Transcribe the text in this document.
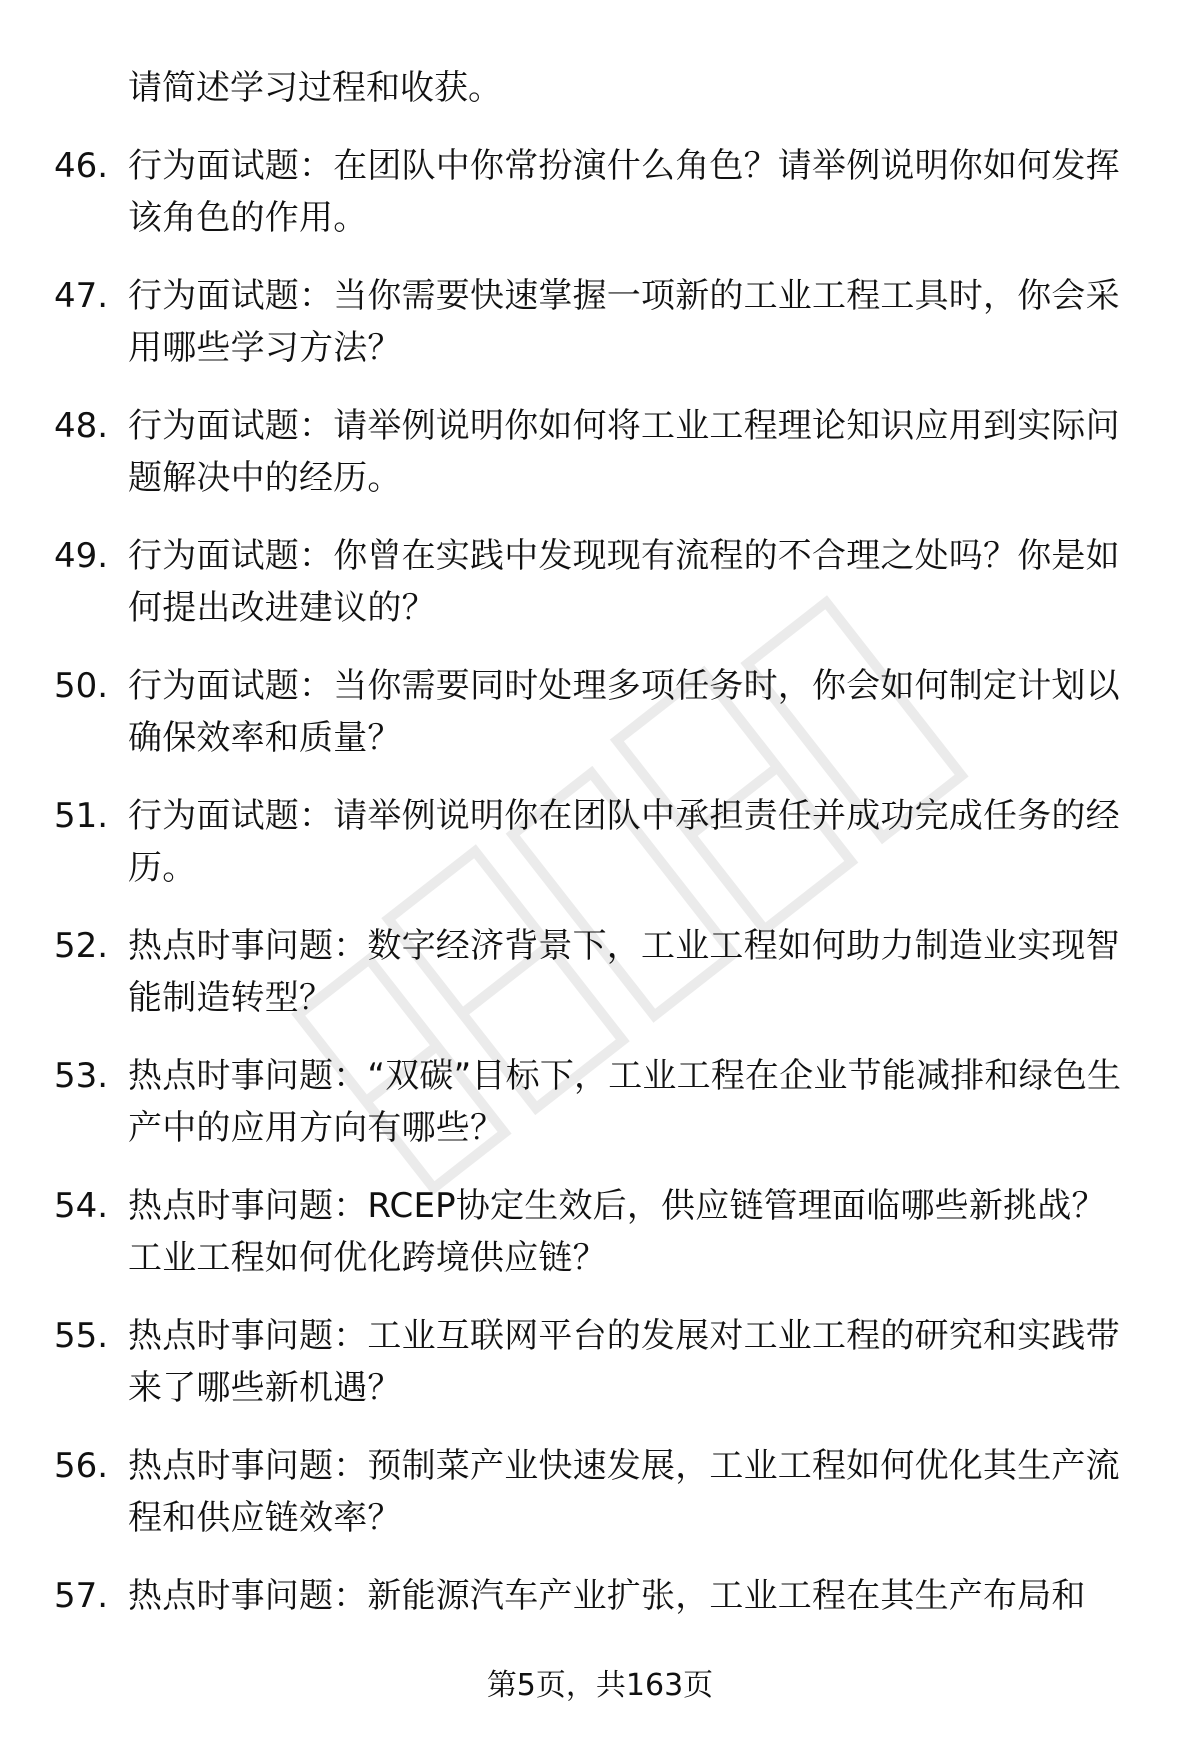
请简述学习过程和收获。

46. 行为面试题：在团队中你常扮演什么角色？请举例说明你如何发挥该角色的作用。
47. 行为面试题：当你需要快速掌握一项新的工业工程工具时，你会采用哪些学习方法？
48. 行为面试题：请举例说明你如何将工业工程理论知识应用到实际问题解决中的经历。
49. 行为面试题：你曾在实践中发现现有流程的不合理之处吗？你是如何提出改进建议的？
50. 行为面试题：当你需要同时处理多项任务时，你会如何制定计划以确保效率和质量？
51. 行为面试题：请举例说明你在团队中承担责任并成功完成任务的经历。
52. 热点时事问题：数字经济背景下，工业工程如何助力制造业实现智能制造转型？
53. 热点时事问题：“双碳”目标下，工业工程在企业节能减排和绿色生产中的应用方向有哪些？
54. 热点时事问题：RCEP协定生效后，供应链管理面临哪些新挑战？工业工程如何优化跨境供应链？
55. 热点时事问题：工业互联网平台的发展对工业工程的研究和实践带来了哪些新机遇？
56. 热点时事问题：预制菜产业快速发展，工业工程如何优化其生产流程和供应链效率？
57. 热点时事问题：新能源汽车产业扩张，工业工程在其生产布局和
第5页，共163页
